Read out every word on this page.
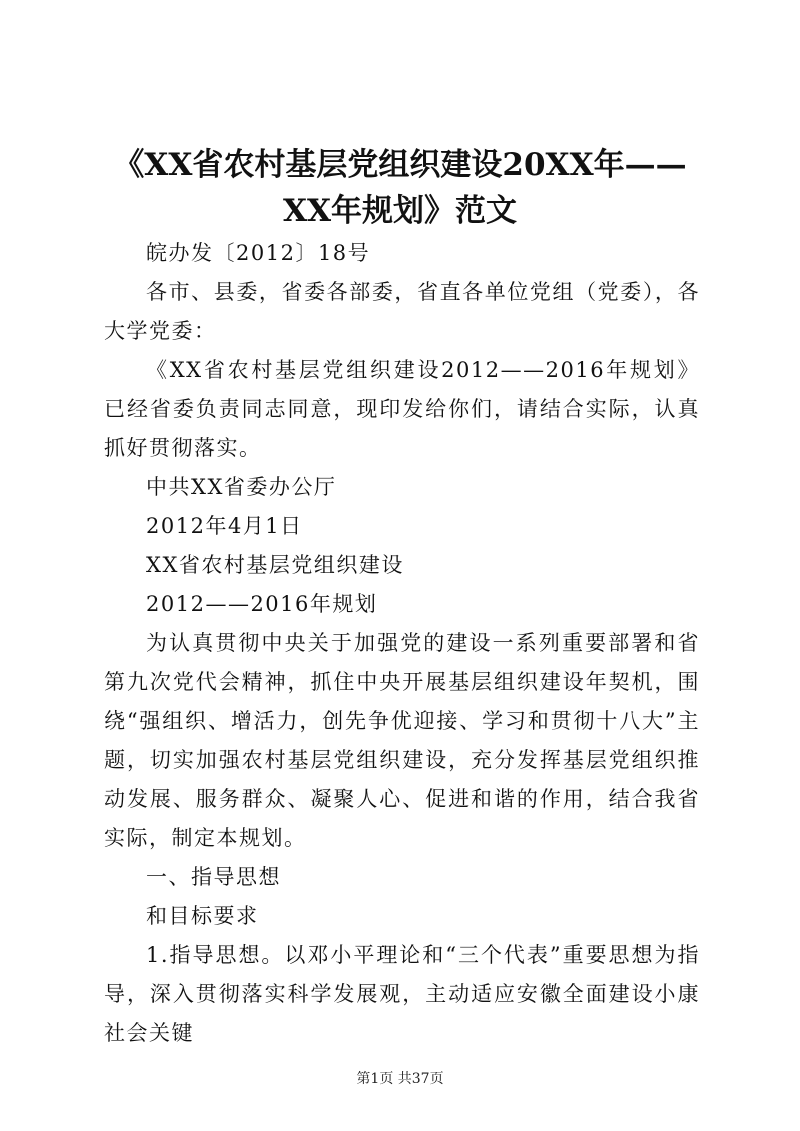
《XX省农村基层党组织建设20XX年——XX年规划》范文

皖办发〔2012〕18号

各市、县委，省委各部委，省直各单位党组（党委），各大学党委：

《XX省农村基层党组织建设2012——2016年规划》已经省委负责同志同意，现印发给你们，请结合实际，认真抓好贯彻落实。

中共XX省委办公厅

2012年4月1日

XX省农村基层党组织建设

2012——2016年规划

为认真贯彻中央关于加强党的建设一系列重要部署和省第九次党代会精神，抓住中央开展基层组织建设年契机，围绕“强组织、增活力，创先争优迎接、学习和贯彻十八大”主题，切实加强农村基层党组织建设，充分发挥基层党组织推动发展、服务群众、凝聚人心、促进和谐的作用，结合我省实际，制定本规划。

一、指导思想

和目标要求

1.指导思想。以邓小平理论和“三个代表”重要思想为指导，深入贯彻落实科学发展观，主动适应安徽全面建设小康社会关键

第1页 共37页
